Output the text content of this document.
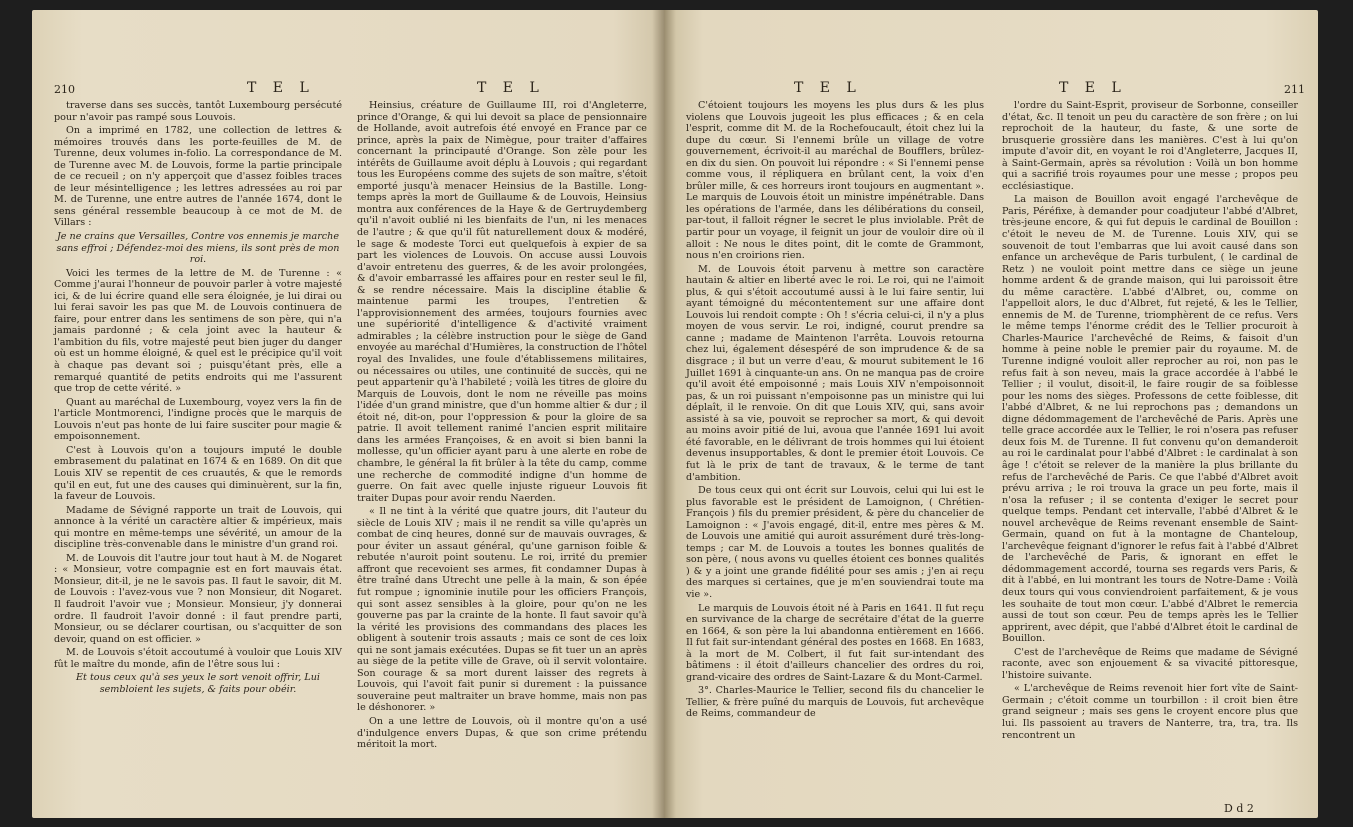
210	T E L	T E L

traverse dans ses succès, tantôt Luxembourg persécuté pour n'avoir pas rampé sous Louvois.

On a imprimé en 1782, une collection de lettres & mémoires trouvés dans les porte-feuilles de M. de Turenne, deux volumes in-folio. La correspondance de M. de Turenne avec M. de Louvois, forme la partie principale de ce recueil ; on n'y apperçoit que d'assez foibles traces de leur mésintelligence ; les lettres adressées au roi par M. de Turenne, une entre autres de l'année 1674, dont le sens général ressemble beaucoup à ce mot de M. de Villars :

Je ne crains que Versailles, Contre vos ennemis je marche sans effroi ; Défendez-moi des miens, ils sont près de mon roi.

Voici les termes de la lettre de M. de Turenne : « Comme j'aurai l'honneur de pouvoir parler à votre majesté ici, & de lui écrire quand elle sera éloignée, je lui dirai ou lui ferai savoir les pas que M. de Louvois continuera de faire, pour entrer dans les sentimens de son père, qui n'a jamais pardonné ; & cela joint avec la hauteur & l'ambition du fils, votre majesté peut bien juger du danger où est un homme éloigné, & quel est le précipice qu'il voit à chaque pas devant soi ; puisqu'étant près, elle a remarqué quantité de petits endroits qui me l'assurent que trop de cette vérité. »

Quant au maréchal de Luxembourg, voyez vers la fin de l'article Montmorenci, l'indigne procès que le marquis de Louvois n'eut pas honte de lui faire susciter pour magie & empoisonnement.

C'est à Louvois qu'on a toujours imputé le double embrasement du palatinat en 1674 & en 1689. On dit que Louis XIV se repentit de ces cruautés, & que le remords qu'il en eut, fut une des causes qui diminuèrent, sur la fin, la faveur de Louvois.

Madame de Sévigné rapporte un trait de Louvois, qui annonce à la vérité un caractère altier & impérieux, mais qui montre en même-temps une sévérité, un amour de la discipline très-convenable dans le ministre d'un grand roi.

M. de Louvois dit l'autre jour tout haut à M. de Nogaret : « Monsieur, votre compagnie est en fort mauvais état. Monsieur, dit-il, je ne le savois pas. Il faut le savoir, dit M. de Louvois : l'avez-vous vue ? non Monsieur, dit Nogaret. Il faudroit l'avoir vue ; Monsieur. Monsieur, j'y donnerai ordre. Il faudroit l'avoir donné : il faut prendre parti, Monsieur, ou se déclarer courtisan, ou s'acquitter de son devoir, quand on est officier. »

M. de Louvois s'étoit accoutumé à vouloir que Louis XIV fût le maître du monde, afin de l'être sous lui :

Et tous ceux qu'à ses yeux le sort venoit offrir, Lui sembloient les sujets, & faits pour obéir.

Heinsius, créature de Guillaume III, roi d'Angleterre, prince d'Orange, & qui lui devoit sa place de pensionnaire de Hollande, avoit autrefois été envoyé en France par ce prince, après la paix de Nimègue, pour traiter d'affaires concernant la principauté d'Orange. Son zèle pour les intérêts de Guillaume avoit déplu à Louvois ; qui regardant tous les Européens comme des sujets de son maître, s'étoit emporté jusqu'à menacer Heinsius de la Bastille. Long-temps après la mort de Guillaume & de Louvois, Heinsius montra aux conférences de la Haye & de Gertruydemberg qu'il n'avoit oublié ni les bienfaits de l'un, ni les menaces de l'autre ; & que qu'il fût naturellement doux & modéré, le sage & modeste Torci eut quelquefois à expier de sa part les violences de Louvois. On accuse aussi Louvois d'avoir entretenu des guerres, & de les avoir prolongées, & d'avoir embarrassé les affaires pour en rester seul le fil, & se rendre nécessaire. Mais la discipline établie & maintenue parmi les troupes, l'entretien & l'approvisionnement des armées, toujours fournies avec une supériorité d'intelligence & d'activité vraiment admirables ; la célèbre instruction pour le siège de Gand envoyée au maréchal d'Humières, la construction de l'hôtel royal des Invalides, une foule d'établissemens militaires, ou nécessaires ou utiles, une continuité de succès, qui ne peut appartenir qu'à l'habileté ; voilà les titres de gloire du Marquis de Louvois, dont le nom ne réveille pas moins l'idée d'un grand ministre, que d'un homme altier & dur ; il étoit né, dit-on, pour l'oppression & pour la gloire de sa patrie. Il avoit tellement ranimé l'ancien esprit militaire dans les armées Françoises, & en avoit si bien banni la mollesse, qu'un officier ayant paru à une alerte en robe de chambre, le général la fit brûler à la tête du camp, comme une recherche de commodité indigne d'un homme de guerre. On fait avec quelle injuste rigueur Louvois fit traiter Dupas pour avoir rendu Naerden.

« Il ne tint à la vérité que quatre jours, dit l'auteur du siècle de Louis XIV ; mais il ne rendit sa ville qu'après un combat de cinq heures, donné sur de mauvais ouvrages, & pour éviter un assaut général, qu'une garnison foible & rebutée n'auroit point soutenu. Le roi, irrité du premier affront que recevoient ses armes, fit condamner Dupas à être traîné dans Utrecht une pelle à la main, & son épée fut rompue ; ignominie inutile pour les officiers François, qui sont assez sensibles à la gloire, pour qu'on ne les gouverne pas par la crainte de la honte. Il faut savoir qu'à la vérité les provisions des commandans des places les obligent à soutenir trois assauts ; mais ce sont de ces loix qui ne sont jamais exécutées. Dupas se fit tuer un an après au siège de la petite ville de Grave, où il servit volontaire. Son courage & sa mort durent laisser des regrets à Louvois, qui l'avoit fait punir si durement : la puissance souveraine peut maltraiter un brave homme, mais non pas le déshonorer. »

On a une lettre de Louvois, où il montre qu'on a usé d'indulgence envers Dupas, & que son crime prétendu méritoit la mort.

T E L	T E L	211

C'étoient toujours les moyens les plus durs & les plus violens que Louvois jugeoit les plus efficaces ; & en cela l'esprit, comme dit M. de la Rochefoucault, étoit chez lui la dupe du cœur. Si l'ennemi brûle un village de votre gouvernement, écrivoit-il au maréchal de Boufflers, brûlez-en dix du sien. On pouvoit lui répondre : « Si l'ennemi pense comme vous, il répliquera en brûlant cent, la voix d'en brûler mille, & ces horreurs iront toujours en augmentant ». Le marquis de Louvois étoit un ministre impénétrable. Dans les opérations de l'armée, dans les délibérations du conseil, par-tout, il falloit régner le secret le plus inviolable. Prêt de partir pour un voyage, il feignit un jour de vouloir dire où il alloit : Ne nous le dites point, dit le comte de Grammont, nous n'en croirions rien.

M. de Louvois étoit parvenu à mettre son caractère hautain & altier en liberté avec le roi. Le roi, qui ne l'aimoit plus, & qui s'étoit accoutumé aussi à le lui faire sentir, lui ayant témoigné du mécontentement sur une affaire dont Louvois lui rendoit compte : Oh ! s'écria celui-ci, il n'y a plus moyen de vous servir. Le roi, indigné, courut prendre sa canne ; madame de Maintenon l'arrêta. Louvois retourna chez lui, également désespéré de son imprudence & de sa disgrace ; il but un verre d'eau, & mourut subitement le 16 Juillet 1691 à cinquante-un ans. On ne manqua pas de croire qu'il avoit été empoisonné ; mais Louis XIV n'empoisonnoit pas, & un roi puissant n'empoisonne pas un ministre qui lui déplaît, il le renvoie. On dit que Louis XIV, qui, sans avoir assisté à sa vie, pouvoit se reprocher sa mort, & qui devoit au moins avoir pitié de lui, avoua que l'année 1691 lui avoit été favorable, en le délivrant de trois hommes qui lui étoient devenus insupportables, & dont le premier étoit Louvois. Ce fut là le prix de tant de travaux, & le terme de tant d'ambition.

De tous ceux qui ont écrit sur Louvois, celui qui lui est le plus favorable est le président de Lamoignon, ( Chrétien-François ) fils du premier président, & père du chancelier de Lamoignon : « J'avois engagé, dit-il, entre mes pères & M. de Louvois une amitié qui auroit assurément duré très-long-temps ; car M. de Louvois a toutes les bonnes qualités de son père, ( nous avons vu quelles étoient ces bonnes qualités ) & y a joint une grande fidélité pour ses amis ; j'en ai reçu des marques si certaines, que je m'en souviendrai toute ma vie ».

Le marquis de Louvois étoit né à Paris en 1641. Il fut reçu en survivance de la charge de secrétaire d'état de la guerre en 1664, & son père la lui abandonna entièrement en 1666. Il fut fait sur-intendant général des postes en 1668. En 1683, à la mort de M. Colbert, il fut fait sur-intendant des bâtimens : il étoit d'ailleurs chancelier des ordres du roi, grand-vicaire des ordres de Saint-Lazare & du Mont-Carmel.

3°. Charles-Maurice le Tellier, second fils du chancelier le Tellier, & frère puîné du marquis de Louvois, fut archevêque de Reims, commandeur de

l'ordre du Saint-Esprit, proviseur de Sorbonne, conseiller d'état, &c. Il tenoit un peu du caractère de son frère ; on lui reprochoit de la hauteur, du faste, & une sorte de brusquerie grossière dans les manières. C'est à lui qu'on impute d'avoir dit, en voyant le roi d'Angleterre, Jacques II, à Saint-Germain, après sa révolution : Voilà un bon homme qui a sacrifié trois royaumes pour une messe ; propos peu ecclésiastique.

La maison de Bouillon avoit engagé l'archevêque de Paris, Péréfixe, à demander pour coadjuteur l'abbé d'Albret, très-jeune encore, & qui fut depuis le cardinal de Bouillon : c'étoit le neveu de M. de Turenne. Louis XIV, qui se souvenoit de tout l'embarras que lui avoit causé dans son enfance un archevêque de Paris turbulent, ( le cardinal de Retz ) ne vouloit point mettre dans ce siège un jeune homme ardent & de grande maison, qui lui paroissoit être du même caractère. L'abbé d'Albret, ou, comme on l'appelloit alors, le duc d'Albret, fut rejeté, & les le Tellier, ennemis de M. de Turenne, triomphèrent de ce refus. Vers le même temps l'énorme crédit des le Tellier procuroit à Charles-Maurice l'archevêché de Reims, & faisoit d'un homme à peine noble le premier pair du royaume. M. de Turenne indigné vouloit aller reprocher au roi, non pas le refus fait à son neveu, mais la grace accordée à l'abbé le Tellier ; il voulut, disoit-il, le faire rougir de sa foiblesse pour les noms des sièges. Professons de cette foiblesse, dit l'abbé d'Albret, & ne lui reprochons pas ; demandons un digne dédommagement de l'archevêché de Paris. Après une telle grace accordée aux le Tellier, le roi n'osera pas refuser deux fois M. de Turenne. Il fut convenu qu'on demanderoit au roi le cardinalat pour l'abbé d'Albret : le cardinalat à son âge ! c'étoit se relever de la manière la plus brillante du refus de l'archevêché de Paris. Ce que l'abbé d'Albret avoit prévu arriva ; le roi trouva la grace un peu forte, mais il n'osa la refuser ; il se contenta d'exiger le secret pour quelque temps. Pendant cet intervalle, l'abbé d'Albret & le nouvel archevêque de Reims revenant ensemble de Saint-Germain, quand on fut à la montagne de Chanteloup, l'archevêque feignant d'ignorer le refus fait à l'abbé d'Albret de l'archevêché de Paris, & ignorant en effet le dédommagement accordé, tourna ses regards vers Paris, & dit à l'abbé, en lui montrant les tours de Notre-Dame : Voilà deux tours qui vous conviendroient parfaitement, & je vous les souhaite de tout mon cœur. L'abbé d'Albret le remercia aussi de tout son cœur. Peu de temps après les le Tellier apprirent, avec dépit, que l'abbé d'Albret étoit le cardinal de Bouillon.

C'est de l'archevêque de Reims que madame de Sévigné raconte, avec son enjouement & sa vivacité pittoresque, l'histoire suivante.

« L'archevêque de Reims revenoit hier fort vîte de Saint-Germain ; c'étoit comme un tourbillon : il croit bien être grand seigneur ; mais ses gens le croyent encore plus que lui. Ils passoient au travers de Nanterre, tra, tra, tra. Ils rencontrent un

D d 2
